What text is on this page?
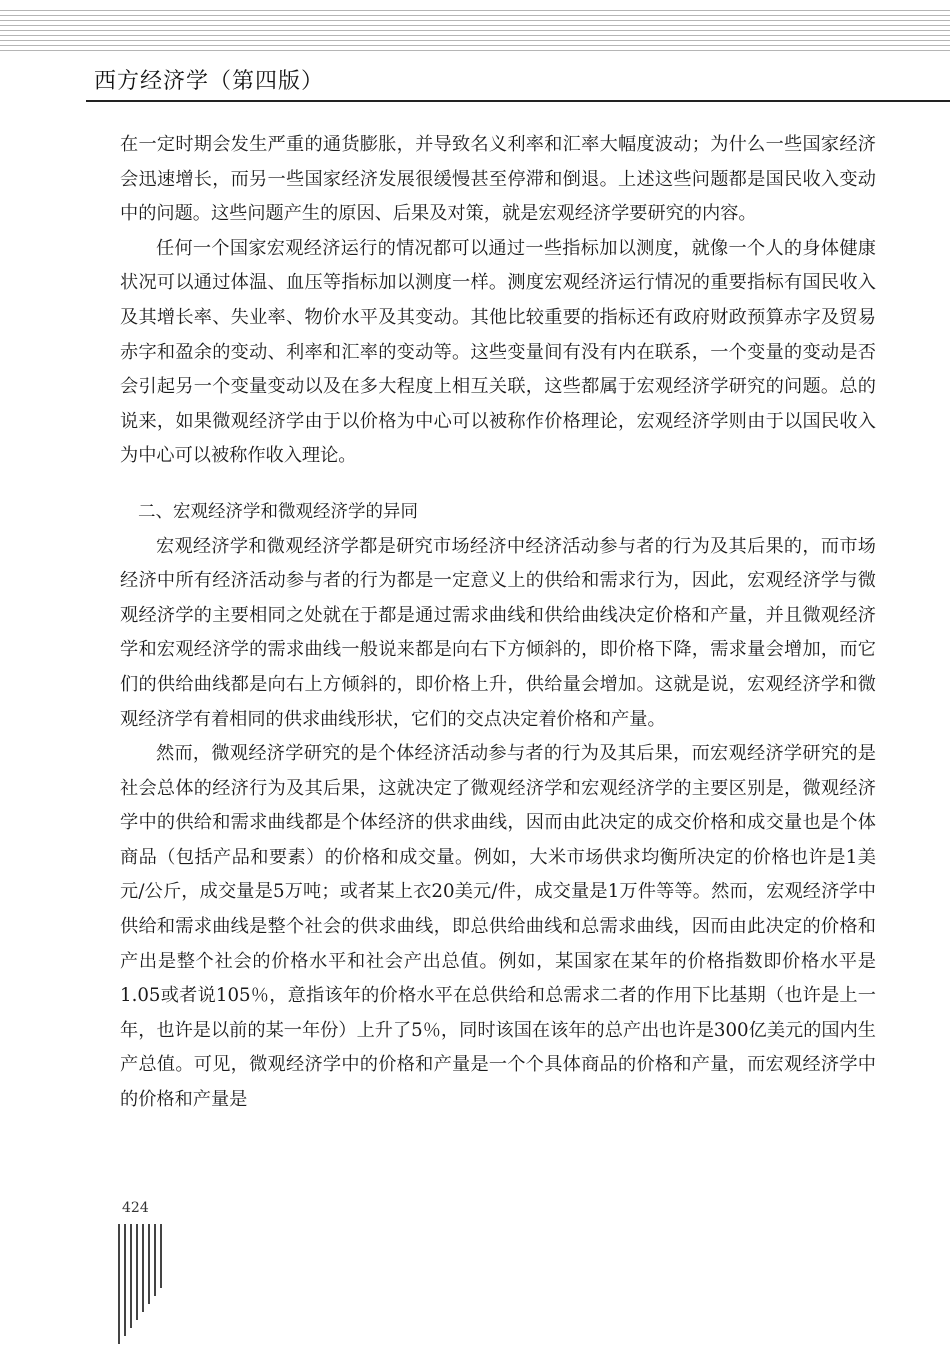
西方经济学（第四版）

在一定时期会发生严重的通货膨胀，并导致名义利率和汇率大幅度波动；为什么一些国家经济会迅速增长，而另一些国家经济发展很缓慢甚至停滞和倒退。上述这些问题都是国民收入变动中的问题。这些问题产生的原因、后果及对策，就是宏观经济学要研究的内容。

任何一个国家宏观经济运行的情况都可以通过一些指标加以测度，就像一个人的身体健康状况可以通过体温、血压等指标加以测度一样。测度宏观经济运行情况的重要指标有国民收入及其增长率、失业率、物价水平及其变动。其他比较重要的指标还有政府财政预算赤字及贸易赤字和盈余的变动、利率和汇率的变动等。这些变量间有没有内在联系，一个变量的变动是否会引起另一个变量变动以及在多大程度上相互关联，这些都属于宏观经济学研究的问题。总的说来，如果微观经济学由于以价格为中心可以被称作价格理论，宏观经济学则由于以国民收入为中心可以被称作收入理论。

二、宏观经济学和微观经济学的异同

宏观经济学和微观经济学都是研究市场经济中经济活动参与者的行为及其后果的，而市场经济中所有经济活动参与者的行为都是一定意义上的供给和需求行为，因此，宏观经济学与微观经济学的主要相同之处就在于都是通过需求曲线和供给曲线决定价格和产量，并且微观经济学和宏观经济学的需求曲线一般说来都是向右下方倾斜的，即价格下降，需求量会增加，而它们的供给曲线都是向右上方倾斜的，即价格上升，供给量会增加。这就是说，宏观经济学和微观经济学有着相同的供求曲线形状，它们的交点决定着价格和产量。

然而，微观经济学研究的是个体经济活动参与者的行为及其后果，而宏观经济学研究的是社会总体的经济行为及其后果，这就决定了微观经济学和宏观经济学的主要区别是，微观经济学中的供给和需求曲线都是个体经济的供求曲线，因而由此决定的成交价格和成交量也是个体商品（包括产品和要素）的价格和成交量。例如，大米市场供求均衡所决定的价格也许是1美元/公斤，成交量是5万吨；或者某上衣20美元/件，成交量是1万件等等。然而，宏观经济学中供给和需求曲线是整个社会的供求曲线，即总供给曲线和总需求曲线，因而由此决定的价格和产出是整个社会的价格水平和社会产出总值。例如，某国家在某年的价格指数即价格水平是1.05或者说105％，意指该年的价格水平在总供给和总需求二者的作用下比基期（也许是上一年，也许是以前的某一年份）上升了5％，同时该国在该年的总产出也许是300亿美元的国内生产总值。可见，微观经济学中的价格和产量是一个个具体商品的价格和产量，而宏观经济学中的价格和产量是

424
